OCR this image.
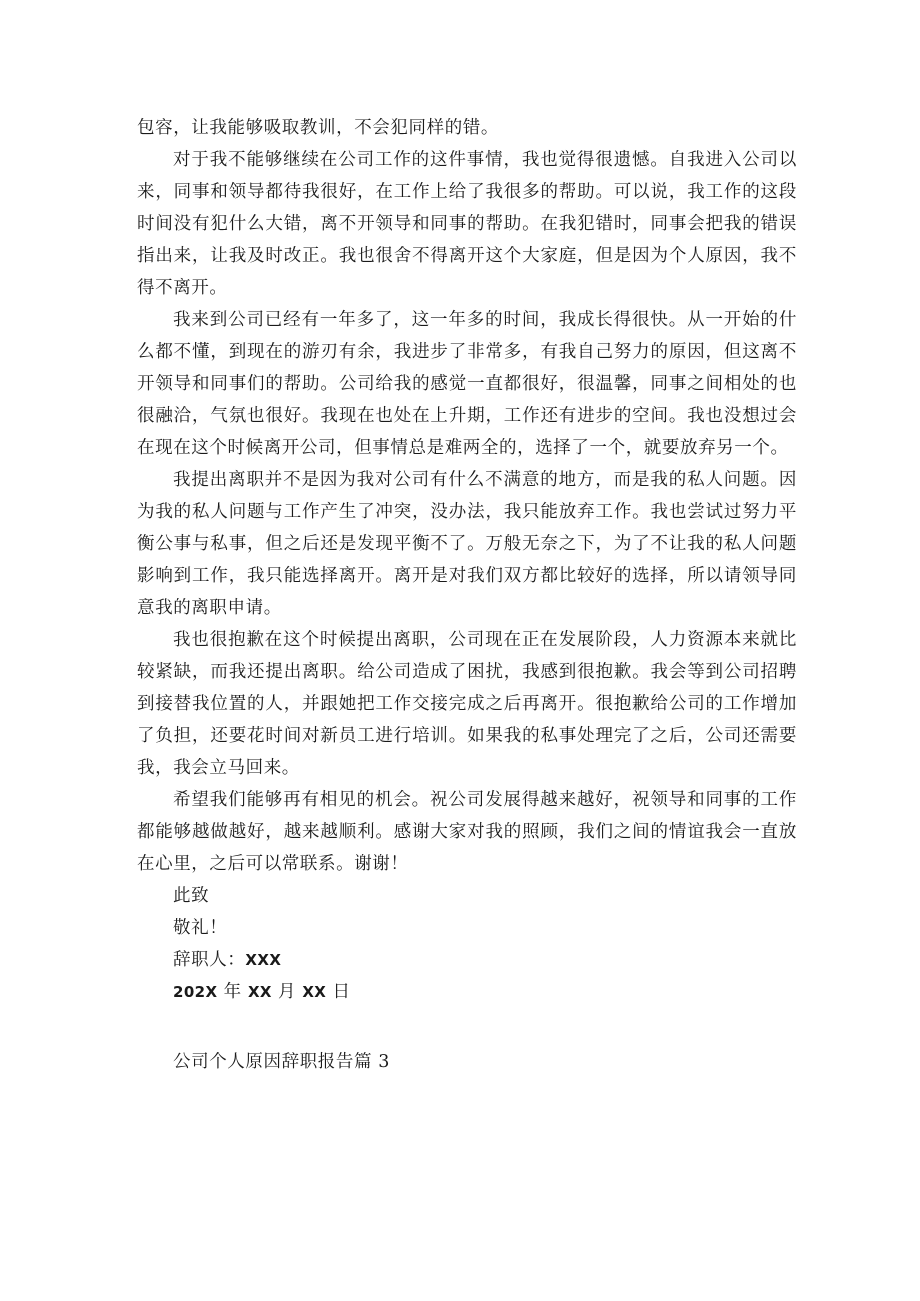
包容，让我能够吸取教训，不会犯同样的错。

对于我不能够继续在公司工作的这件事情，我也觉得很遗憾。自我进入公司以来，同事和领导都待我很好，在工作上给了我很多的帮助。可以说，我工作的这段时间没有犯什么大错，离不开领导和同事的帮助。在我犯错时，同事会把我的错误指出来，让我及时改正。我也很舍不得离开这个大家庭，但是因为个人原因，我不得不离开。

我来到公司已经有一年多了，这一年多的时间，我成长得很快。从一开始的什么都不懂，到现在的游刃有余，我进步了非常多，有我自己努力的原因，但这离不开领导和同事们的帮助。公司给我的感觉一直都很好，很温馨，同事之间相处的也很融洽，气氛也很好。我现在也处在上升期，工作还有进步的空间。我也没想过会在现在这个时候离开公司，但事情总是难两全的，选择了一个，就要放弃另一个。

我提出离职并不是因为我对公司有什么不满意的地方，而是我的私人问题。因为我的私人问题与工作产生了冲突，没办法，我只能放弃工作。我也尝试过努力平衡公事与私事，但之后还是发现平衡不了。万般无奈之下，为了不让我的私人问题影响到工作，我只能选择离开。离开是对我们双方都比较好的选择，所以请领导同意我的离职申请。

我也很抱歉在这个时候提出离职，公司现在正在发展阶段，人力资源本来就比较紧缺，而我还提出离职。给公司造成了困扰，我感到很抱歉。我会等到公司招聘到接替我位置的人，并跟她把工作交接完成之后再离开。很抱歉给公司的工作增加了负担，还要花时间对新员工进行培训。如果我的私事处理完了之后，公司还需要我，我会立马回来。

希望我们能够再有相见的机会。祝公司发展得越来越好，祝领导和同事的工作都能够越做越好，越来越顺利。感谢大家对我的照顾，我们之间的情谊我会一直放在心里，之后可以常联系。谢谢！

此致

敬礼！

辞职人：XXX

202X 年 XX 月 XX 日

公司个人原因辞职报告篇 3
